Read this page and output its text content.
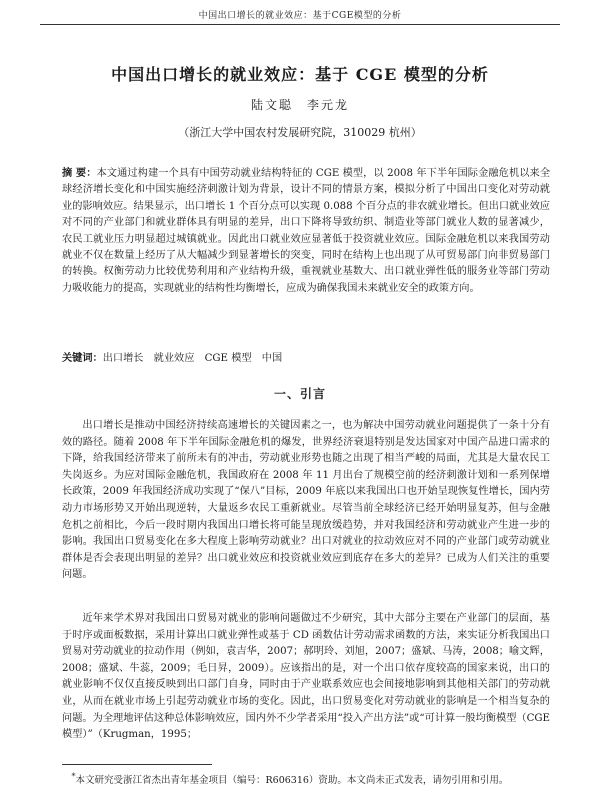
中国出口增长的就业效应：基于CGE模型的分析
中国出口增长的就业效应：基于 CGE 模型的分析
陆文聪　李元龙
（浙江大学中国农村发展研究院，310029 杭州）
摘 要：本文通过构建一个具有中国劳动就业结构特征的 CGE 模型，以 2008 年下半年国际金融危机以来全球经济增长变化和中国实施经济刺激计划为背景，设计不同的情景方案，模拟分析了中国出口变化对劳动就业的影响效应。结果显示，出口增长 1 个百分点可以实现 0.088 个百分点的非农就业增长。但出口就业效应对不同的产业部门和就业群体具有明显的差异，出口下降将导致纺织、制造业等部门就业人数的显著减少，农民工就业压力明显超过城镇就业。因此出口就业效应显著低于投资就业效应。国际金融危机以来我国劳动就业不仅在数量上经历了从大幅减少到显著增长的突变，同时在结构上也出现了从可贸易部门向非贸易部门的转换。权衡劳动力比较优势利用和产业结构升级，重视就业基数大、出口就业弹性低的服务业等部门劳动力吸收能力的提高，实现就业的结构性均衡增长，应成为确保我国未来就业安全的政策方向。
关键词：出口增长　就业效应　CGE 模型　中国
一、引言
出口增长是推动中国经济持续高速增长的关键因素之一，也为解决中国劳动就业问题提供了一条十分有效的路径。随着 2008 年下半年国际金融危机的爆发，世界经济衰退特别是发达国家对中国产品进口需求的下降，给我国经济带来了前所未有的冲击，劳动就业形势也随之出现了相当严峻的局面，尤其是大量农民工失岗返乡。为应对国际金融危机，我国政府在 2008 年 11 月出台了规模空前的经济刺激计划和一系列保增长政策，2009 年我国经济成功实现了“保八”目标，2009 年底以来我国出口也开始呈现恢复性增长，国内劳动力市场形势又开始出现逆转，大量返乡农民工重新就业。尽管当前全球经济已经开始明显复苏，但与金融危机之前相比，今后一段时期内我国出口增长将可能呈现放缓趋势，并对我国经济和劳动就业产生进一步的影响。我国出口贸易变化在多大程度上影响劳动就业？出口对就业的拉动效应对不同的产业部门或劳动就业群体是否会表现出明显的差异？出口就业效应和投资就业效应到底存在多大的差异？已成为人们关注的重要问题。
近年来学术界对我国出口贸易对就业的影响问题做过不少研究，其中大部分主要在产业部门的层面，基于时序或面板数据，采用计算出口就业弹性或基于 CD 函数估计劳动需求函数的方法，来实证分析我国出口贸易对劳动就业的拉动作用（例如，袁吉华，2007；郝明玲、刘旭，2007；盛斌、马涛，2008；喻文辉，2008；盛斌、牛蕊，2009；毛日昇，2009）。应该指出的是，对一个出口依存度较高的国家来说，出口的就业影响不仅仅直接反映到出口部门自身，同时由于产业联系效应也会间接地影响到其他相关部门的劳动就业，从而在就业市场上引起劳动就业市场的变化。因此，出口贸易变化对劳动就业的影响是一个相当复杂的问题。为全理地评估这种总体影响效应，国内外不少学者采用“投入产出方法”或“可计算一般均衡模型（CGE 模型）”（Krugman，1995；
*本文研究受浙江省杰出青年基金项目（编号：R606316）资助。本文尚未正式发表，请勿引用和引用。
